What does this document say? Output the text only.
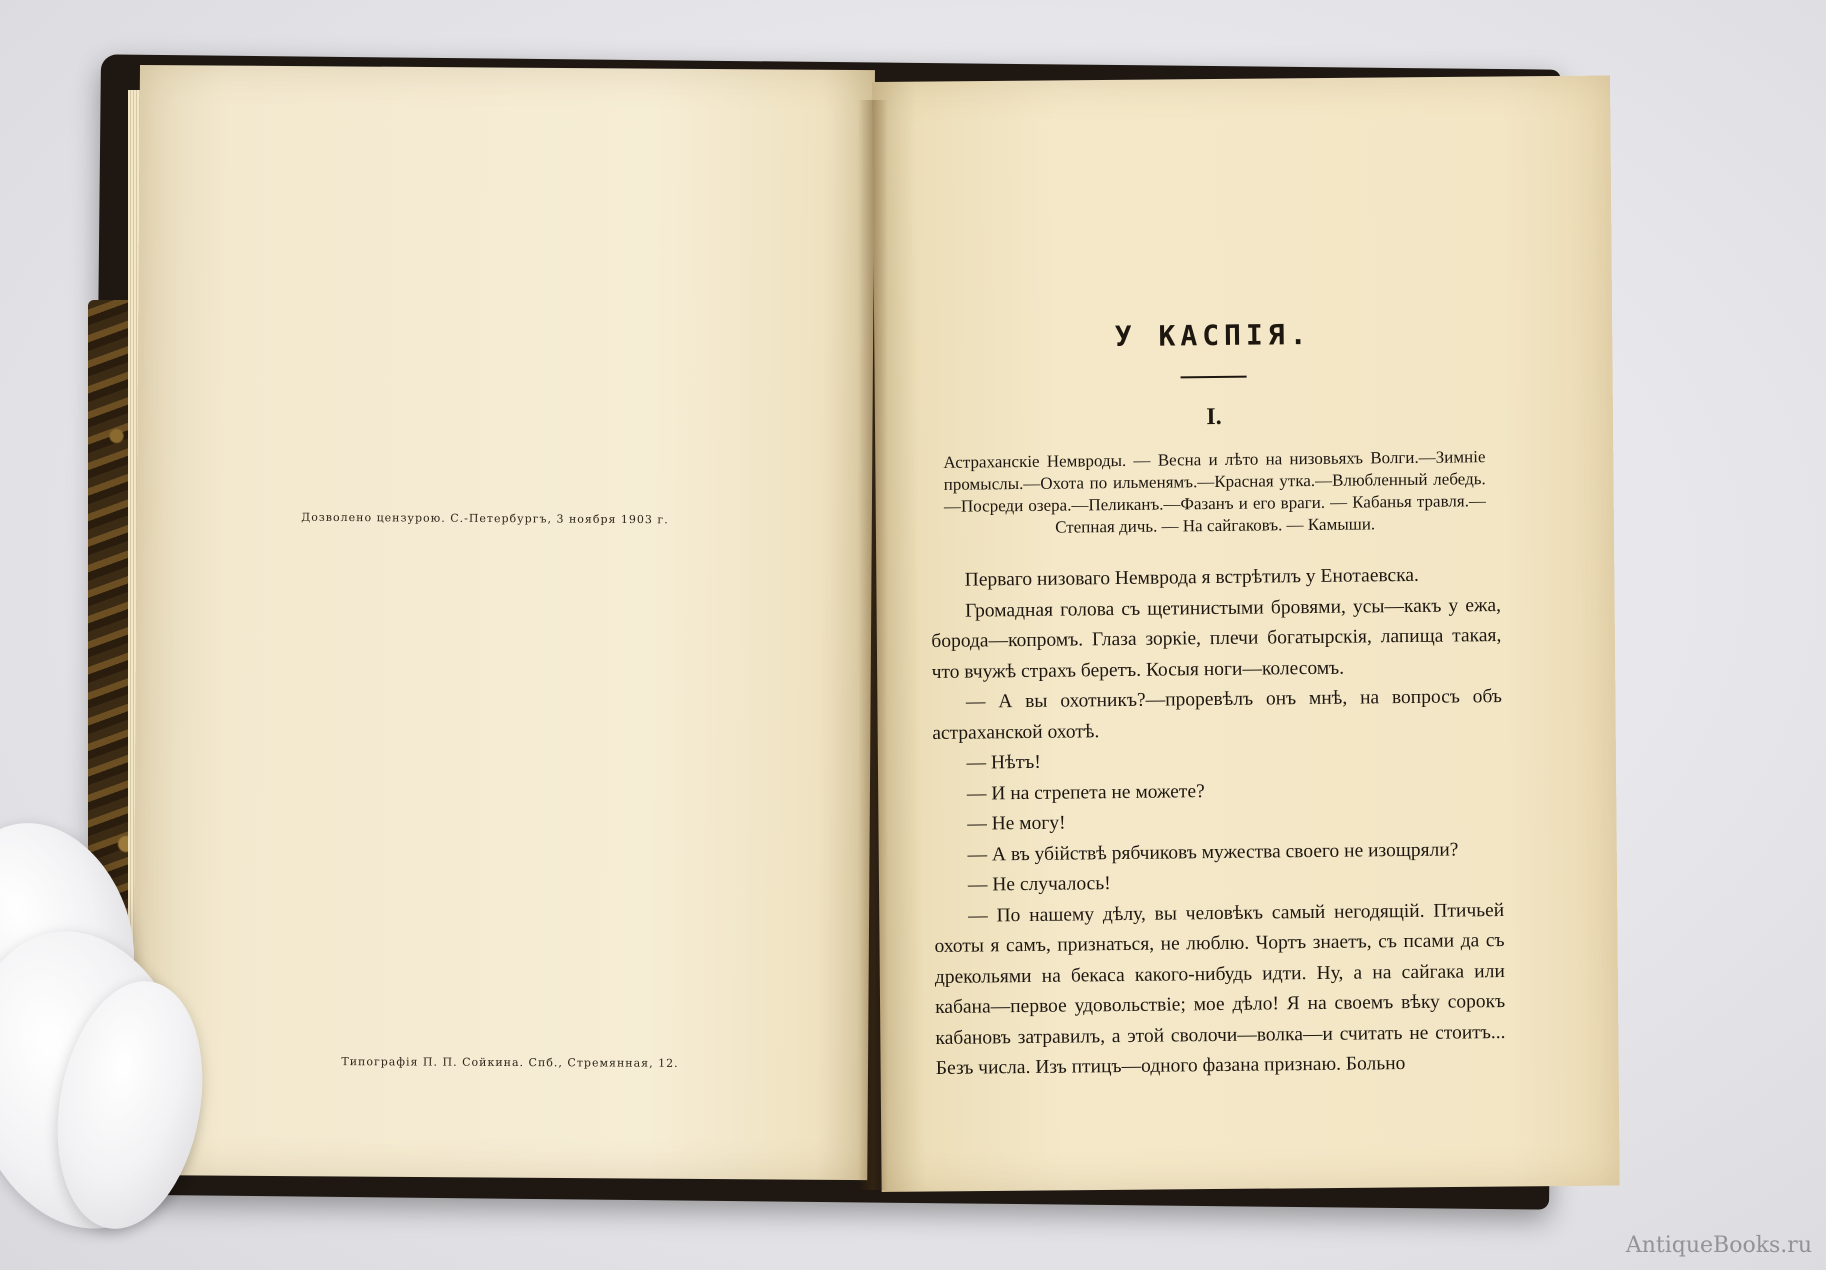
Дозволено цензурою. С.-Петербургъ, 3 ноября 1903 г.
Типографія П. П. Сойкина. Спб., Стремянная, 12.
У КАСПІЯ.
I.
Астраханскіе Немвроды. — Весна и лѣто на низовьяхъ Волги.—Зимніе промыслы.—Охота по ильменямъ.—Красная утка.—Влюбленный лебедь.—Посреди озера.—Пеликанъ.—Фазанъ и его враги. — Кабанья травля.—Степная дичь. — На сайгаковъ. — Камыши.

Перваго низоваго Немврода я встрѣтилъ у Енотаевска.

Громадная голова съ щетинистыми бровями, усы—какъ у ежа, борода—копромъ. Глаза зоркіе, плечи богатырскія, лапища такая, что вчужѣ страхъ беретъ. Косыя ноги—колесомъ.

— А вы охотникъ?—проревѣлъ онъ мнѣ, на вопросъ объ астраханской охотѣ.

— Нѣтъ!

— И на стрепета не можете?

— Не могу!

— А въ убійствѣ рябчиковъ мужества своего не изощряли?

— Не случалось!

— По нашему дѣлу, вы человѣкъ самый негодящій. Птичьей охоты я самъ, признаться, не люблю. Чортъ знаетъ, съ псами да съ дрекольями на бекаса какого-нибудь идти. Ну, а на сайгака или кабана—первое удовольствіе; мое дѣло! Я на своемъ вѣку сорокъ кабановъ затравилъ, а этой сволочи—волка—и считать не стоитъ... Безъ числа. Изъ птицъ—одного фазана признаю. Больно

AntiqueBooks.ru
